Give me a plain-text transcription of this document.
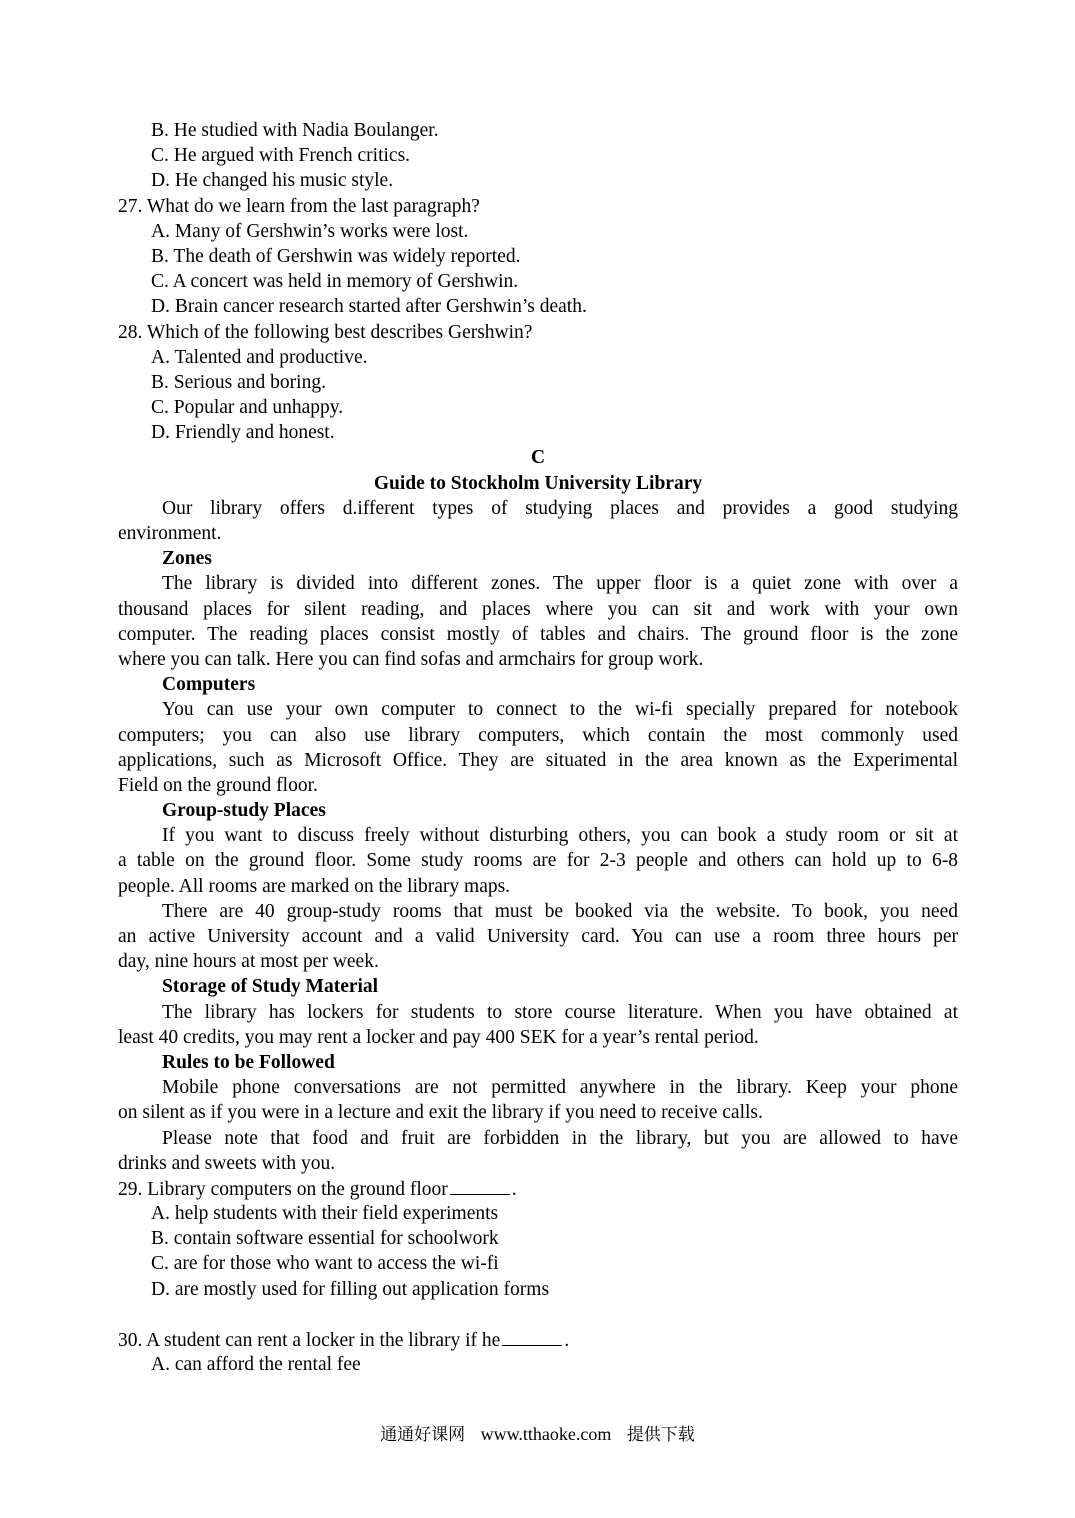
B. He studied with Nadia Boulanger.
C. He argued with French critics.
D. He changed his music style.
27. What do we learn from the last paragraph?
A. Many of Gershwin’s works were lost.
B. The death of Gershwin was widely reported.
C. A concert was held in memory of Gershwin.
D. Brain cancer research started after Gershwin’s death.
28. Which of the following best describes Gershwin?
A. Talented and productive.
B. Serious and boring.
C. Popular and unhappy.
D. Friendly and honest.
C
Guide to Stockholm University Library
Our library offers d.ifferent types of studying places and provides a good studying
environment.
Zones
The library is divided into different zones. The upper floor is a quiet zone with over a
thousand places for silent reading, and places where you can sit and work with your own
computer. The reading places consist mostly of tables and chairs. The ground floor is the zone
where you can talk. Here you can find sofas and armchairs for group work.
Computers
You can use your own computer to connect to the wi-fi specially prepared for notebook
computers; you can also use library computers, which contain the most commonly used
applications, such as Microsoft Office. They are situated in the area known as the Experimental
Field on the ground floor.
Group-study Places
If you want to discuss freely without disturbing others, you can book a study room or sit at
a table on the ground floor. Some study rooms are for 2-3 people and others can hold up to 6-8
people. All rooms are marked on the library maps.
There are 40 group-study rooms that must be booked via the website. To book, you need
an active University account and a valid University card. You can use a room three hours per
day, nine hours at most per week.
Storage of Study Material
The library has lockers for students to store course literature. When you have obtained at
least 40 credits, you may rent a locker and pay 400 SEK for a year’s rental period.
Rules to be Followed
Mobile phone conversations are not permitted anywhere in the library. Keep your phone
on silent as if you were in a lecture and exit the library if you need to receive calls.
Please note that food and fruit are forbidden in the library, but you are allowed to have
drinks and sweets with you.
29. Library computers on the ground floor	.
A. help students with their field experiments
B. contain software essential for schoolwork
C. are for those who want to access the wi-fi
D. are mostly used for filling out application forms
30. A student can rent a locker in the library if he	.
A. can afford the rental fee
通通好课网 www.tthaoke.com 提供下载
